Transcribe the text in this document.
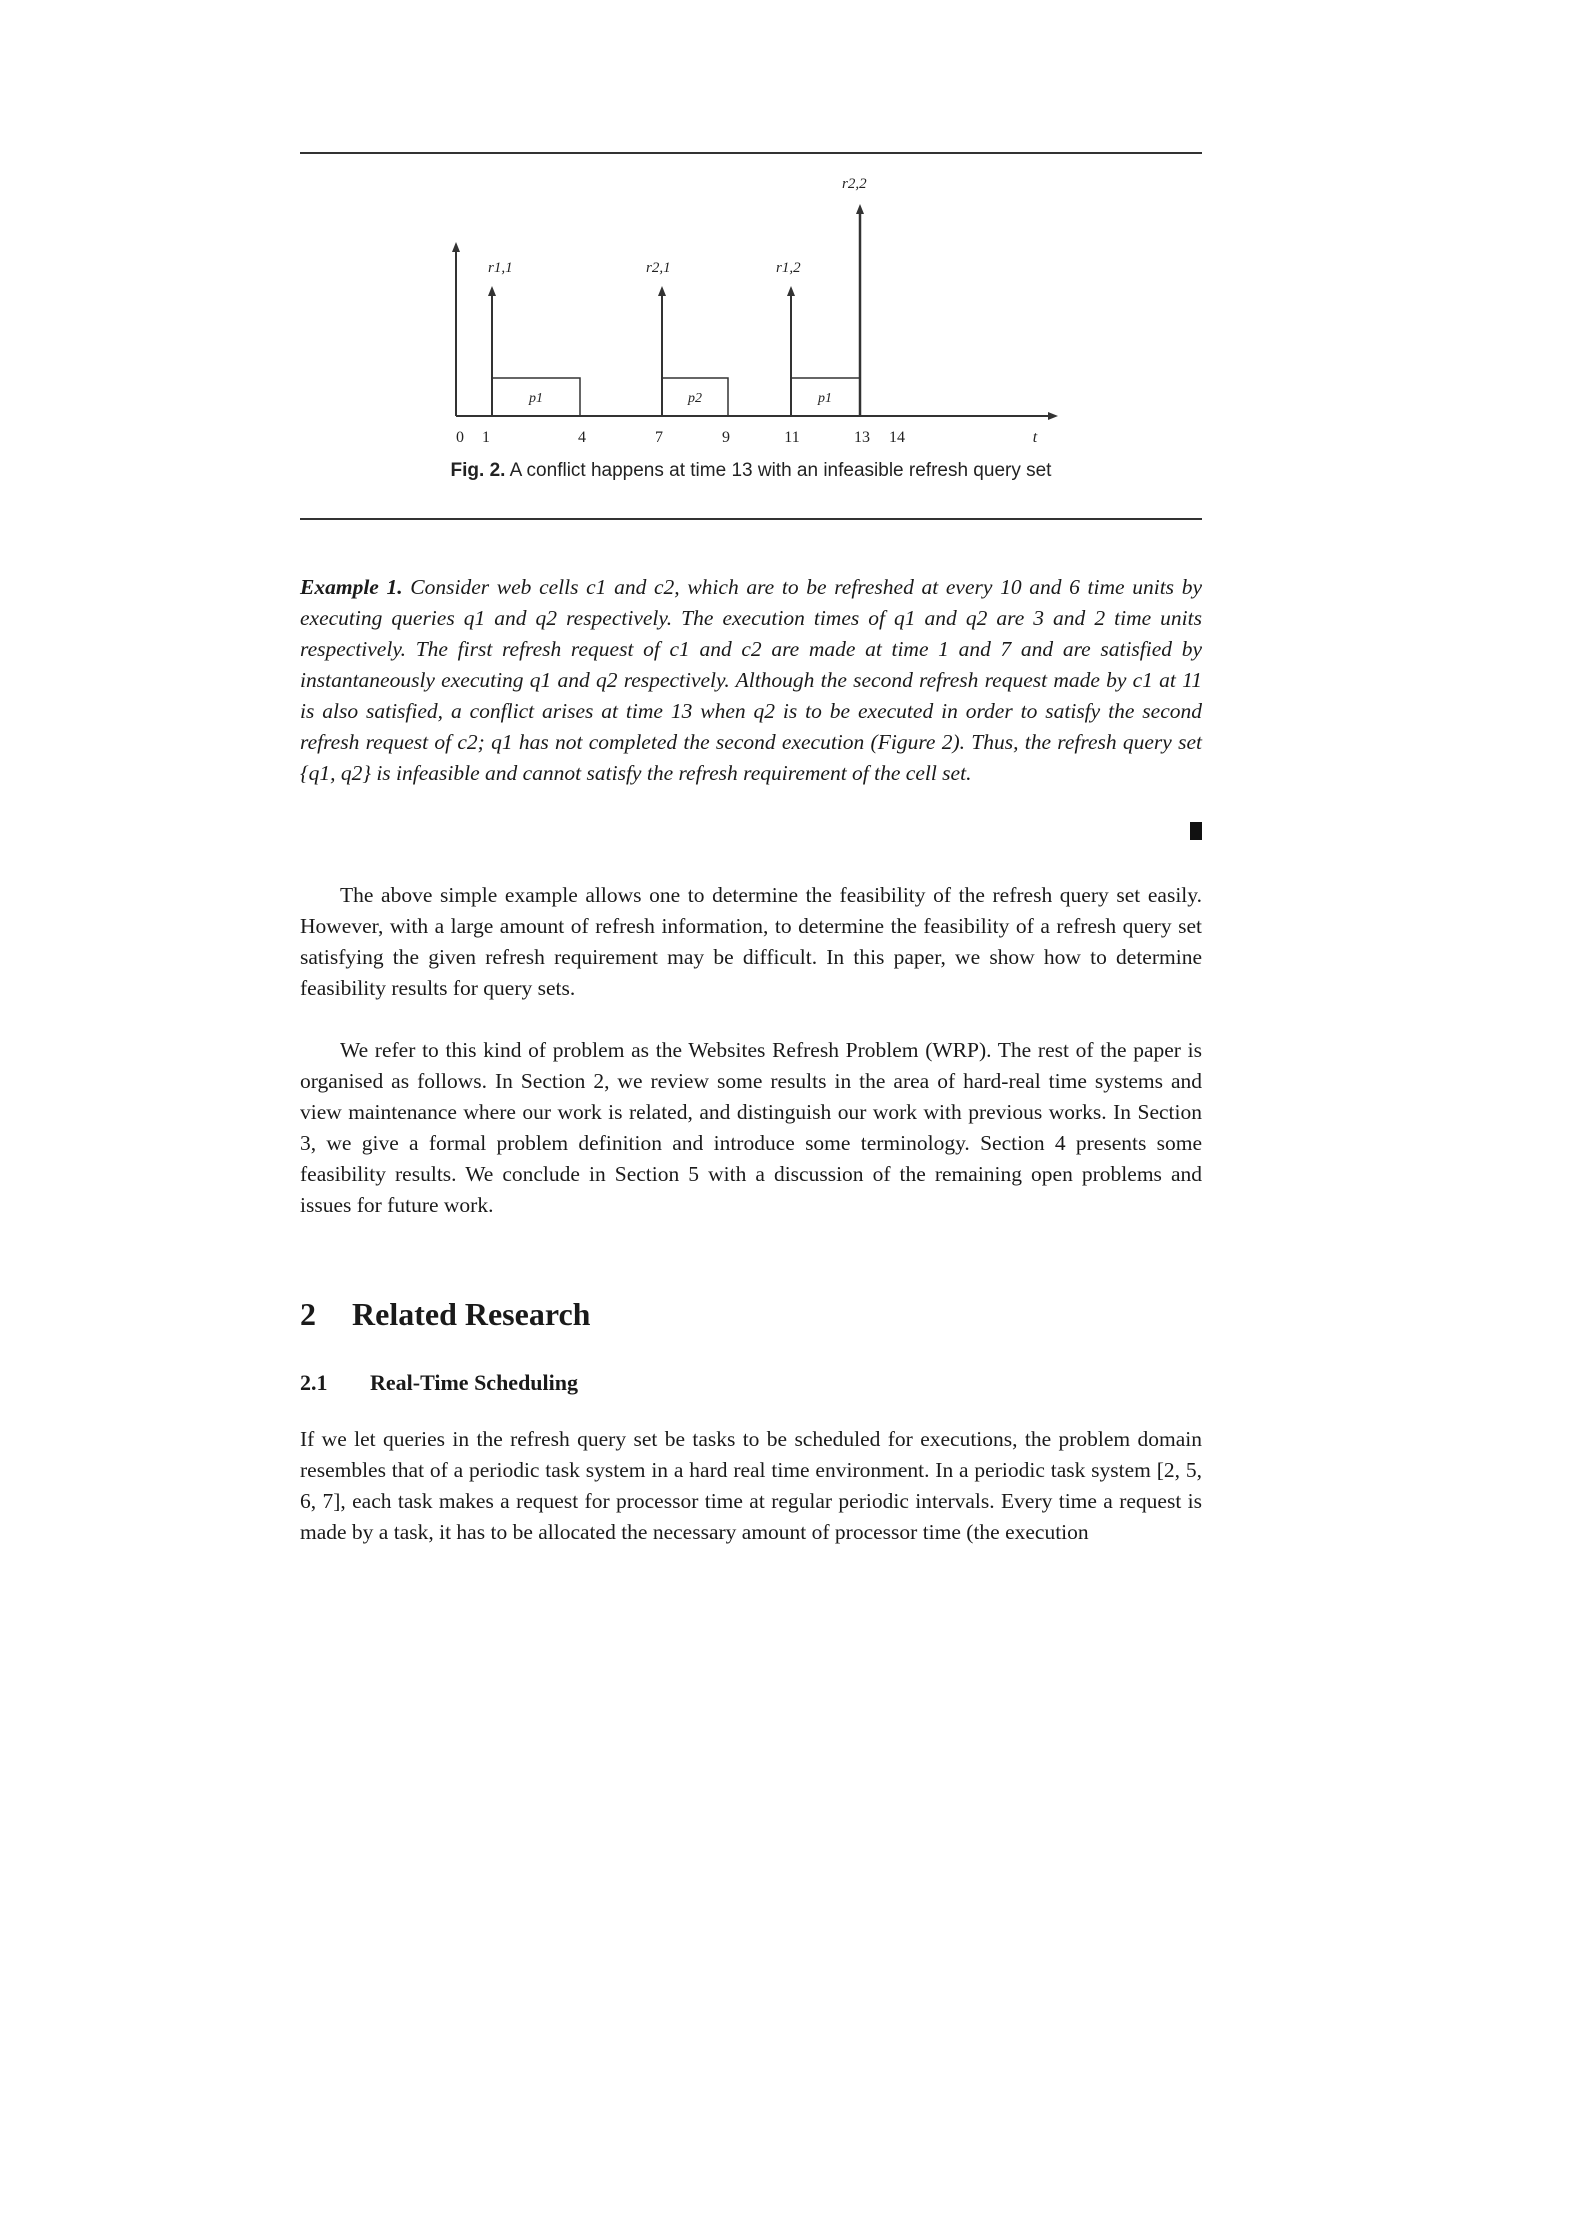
p1	p2	p1
r1,1	r2,1	r1,2
r2,2
0 1	4	7	9	11	13 14	t
Fig. 2. A conflict happens at time 13 with an infeasible refresh query set
Example 1. Consider web cells c1 and c2, which are to be refreshed at every 10 and 6 time units by executing queries q1 and q2 respectively. The execution times of q1 and q2 are 3 and 2 time units respectively. The first refresh request of c1 and c2 are made at time 1 and 7 and are satisfied by instantaneously executing q1 and q2 respectively. Although the second refresh request made by c1 at 11 is also satisfied, a conflict arises at time 13 when q2 is to be executed in order to satisfy the second refresh request of c2; q1 has not completed the second execution (Figure 2). Thus, the refresh query set {q1, q2} is infeasible and cannot satisfy the refresh requirement of the cell set.
The above simple example allows one to determine the feasibility of the refresh query set easily. However, with a large amount of refresh information, to determine the feasibility of a refresh query set satisfying the given refresh requirement may be difficult. In this paper, we show how to determine feasibility results for query sets.
We refer to this kind of problem as the Websites Refresh Problem (WRP). The rest of the paper is organised as follows. In Section 2, we review some results in the area of hard-real time systems and view maintenance where our work is related, and distinguish our work with previous works. In Section 3, we give a formal problem definition and introduce some terminology. Section 4 presents some feasibility results. We conclude in Section 5 with a discussion of the remaining open problems and issues for future work.
2 Related Research
2.1 Real-Time Scheduling
If we let queries in the refresh query set be tasks to be scheduled for executions, the problem domain resembles that of a periodic task system in a hard real time environment. In a periodic task system [2, 5, 6, 7], each task makes a request for processor time at regular periodic intervals. Every time a request is made by a task, it has to be allocated the necessary amount of processor time (the execution
